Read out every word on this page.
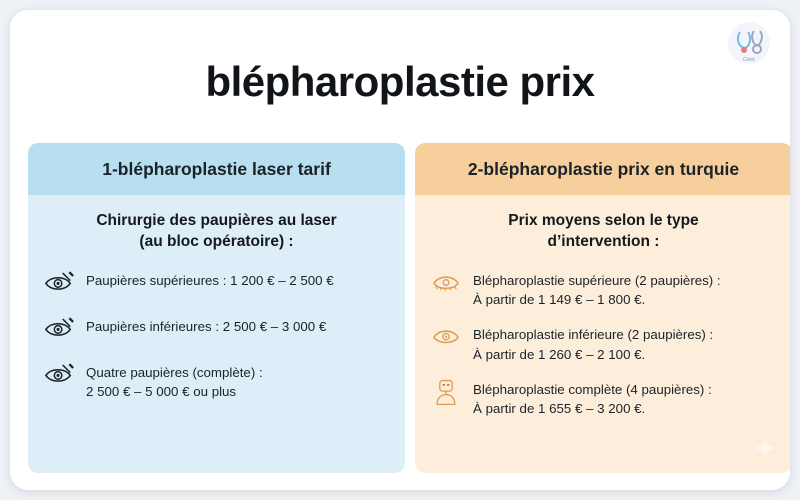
Clinic
blépharoplastie prix
1-blépharoplastie laser tarif
Chirurgie des paupières au laser
(au bloc opératoire) :
Paupières supérieures : 1 200 € – 2 500 €
Paupières inférieures : 2 500 € – 3 000 €
Quatre paupières (complète) :
2 500 € – 5 000 € ou plus
2-blépharoplastie prix en turquie
Prix moyens selon le type
d’intervention :
Blépharoplastie supérieure (2 paupières) :
À partir de 1 149 € – 1 800 €.
Blépharoplastie inférieure (2 paupières) :
À partir de 1 260 € – 2 100 €.
Blépharoplastie complète (4 paupières) :
À partir de 1 655 € – 3 200 €.
